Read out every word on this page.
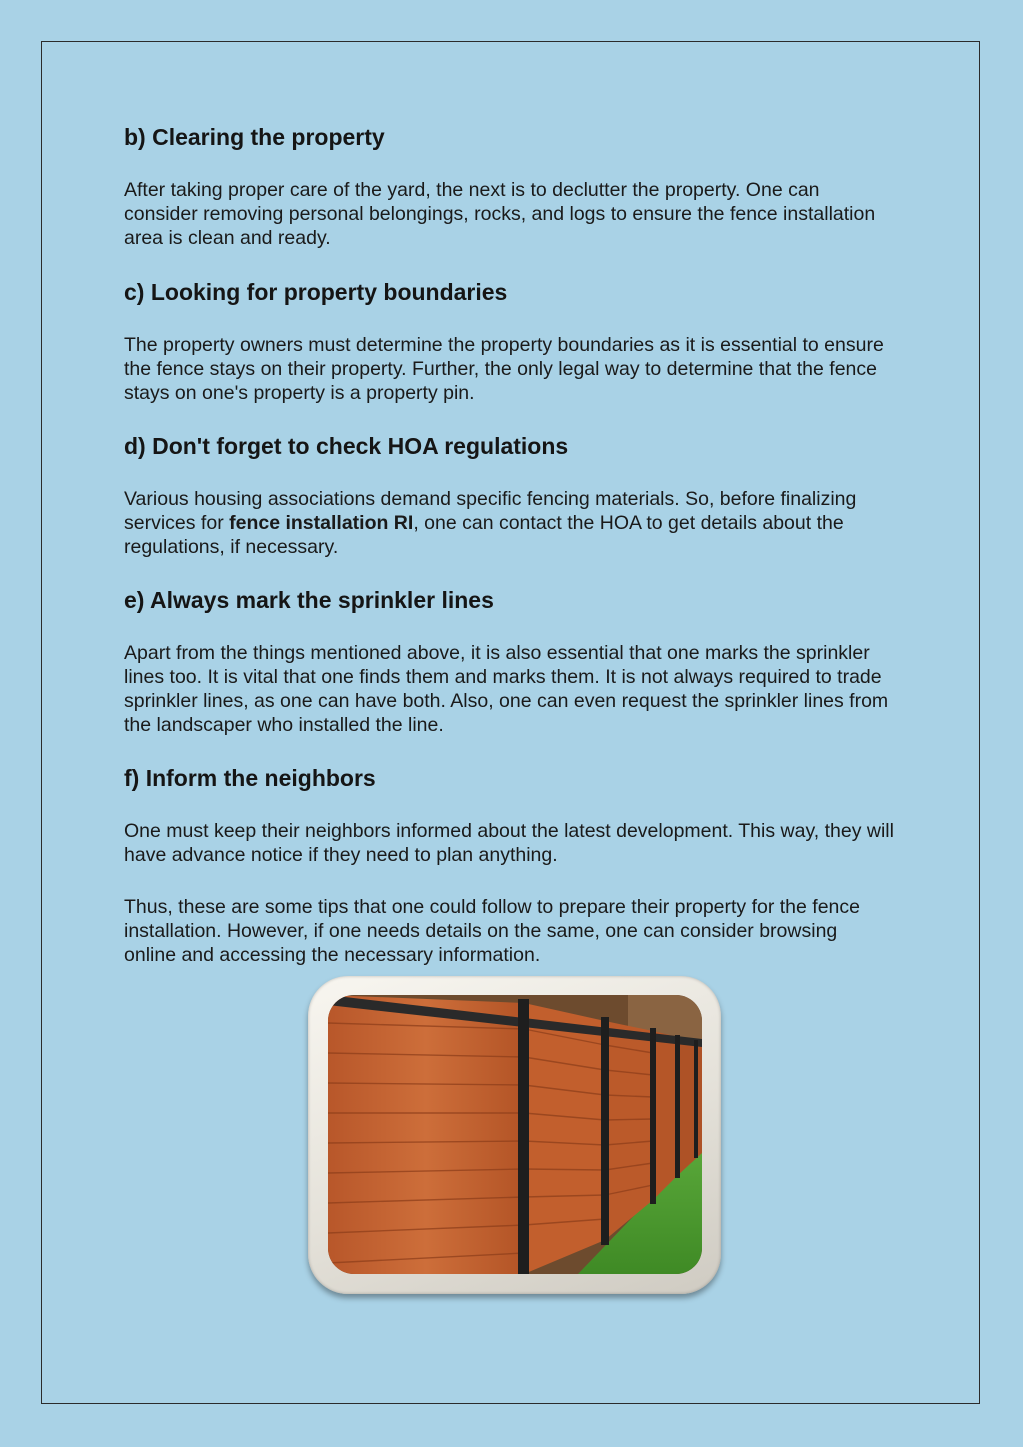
b) Clearing the property

After taking proper care of the yard, the next is to declutter the property. One can consider removing personal belongings, rocks, and logs to ensure the fence installation area is clean and ready.

c) Looking for property boundaries

The property owners must determine the property boundaries as it is essential to ensure the fence stays on their property. Further, the only legal way to determine that the fence stays on one's property is a property pin.

d) Don't forget to check HOA regulations

Various housing associations demand specific fencing materials. So, before finalizing services for fence installation RI, one can contact the HOA to get details about the regulations, if necessary.

e) Always mark the sprinkler lines

Apart from the things mentioned above, it is also essential that one marks the sprinkler lines too. It is vital that one finds them and marks them. It is not always required to trade sprinkler lines, as one can have both. Also, one can even request the sprinkler lines from the landscaper who installed the line.

f) Inform the neighbors

One must keep their neighbors informed about the latest development. This way, they will have advance notice if they need to plan anything.

Thus, these are some tips that one could follow to prepare their property for the fence installation. However, if one needs details on the same, one can consider browsing online and accessing the necessary information.
